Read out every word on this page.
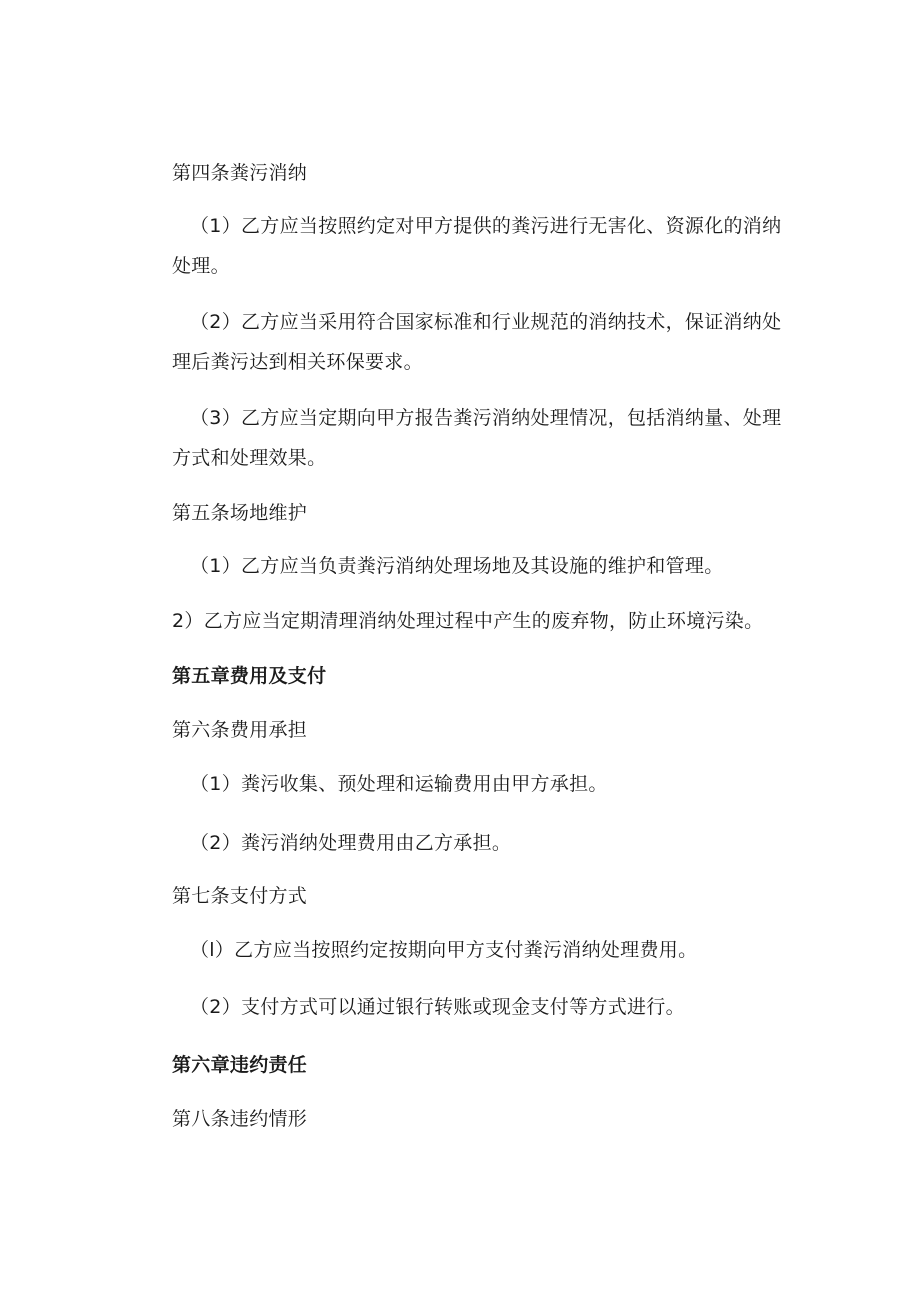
第四条粪污消纳
（1）乙方应当按照约定对甲方提供的粪污进行无害化、资源化的消纳
处理。
（2）乙方应当采用符合国家标准和行业规范的消纳技术，保证消纳处
理后粪污达到相关环保要求。
（3）乙方应当定期向甲方报告粪污消纳处理情况，包括消纳量、处理
方式和处理效果。
第五条场地维护
（1）乙方应当负责粪污消纳处理场地及其设施的维护和管理。
2）乙方应当定期清理消纳处理过程中产生的废弃物，防止环境污染。
第五章费用及支付
第六条费用承担
（1）粪污收集、预处理和运输费用由甲方承担。
（2）粪污消纳处理费用由乙方承担。
第七条支付方式
（l）乙方应当按照约定按期向甲方支付粪污消纳处理费用。
（2）支付方式可以通过银行转账或现金支付等方式进行。
第六章违约责任
第八条违约情形
